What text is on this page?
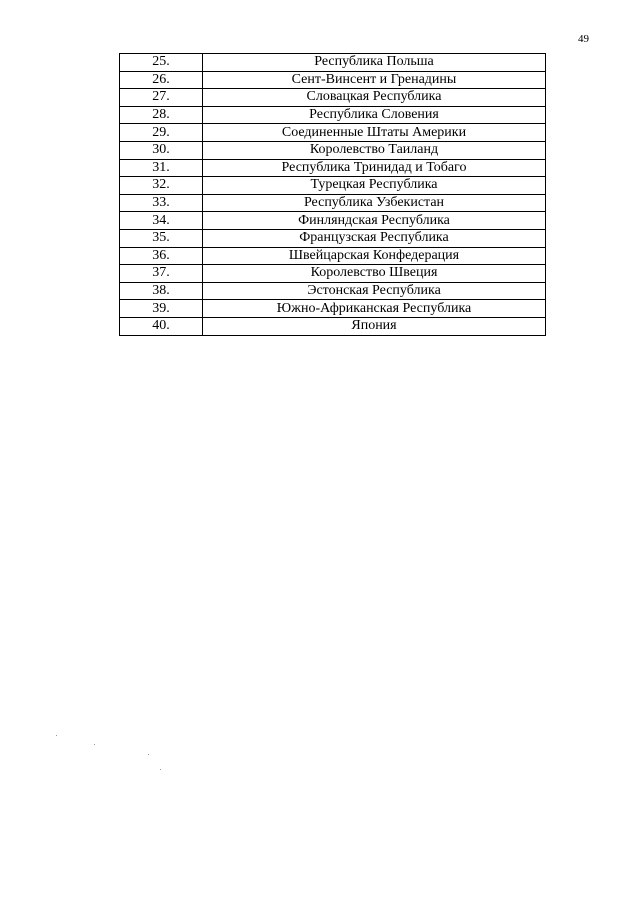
49
25.	Республика Польша
26.	Сент-Винсент и Гренадины
27.	Словацкая Республика
28.	Республика Словения
29.	Соединенные Штаты Америки
30.	Королевство Таиланд
31.	Республика Тринидад и Тобаго
32.	Турецкая Республика
33.	Республика Узбекистан
34.	Финляндская Республика
35.	Французская Республика
36.	Швейцарская Конфедерация
37.	Королевство Швеция
38.	Эстонская Республика
39.	Южно-Африканская Республика
40.	Япония
